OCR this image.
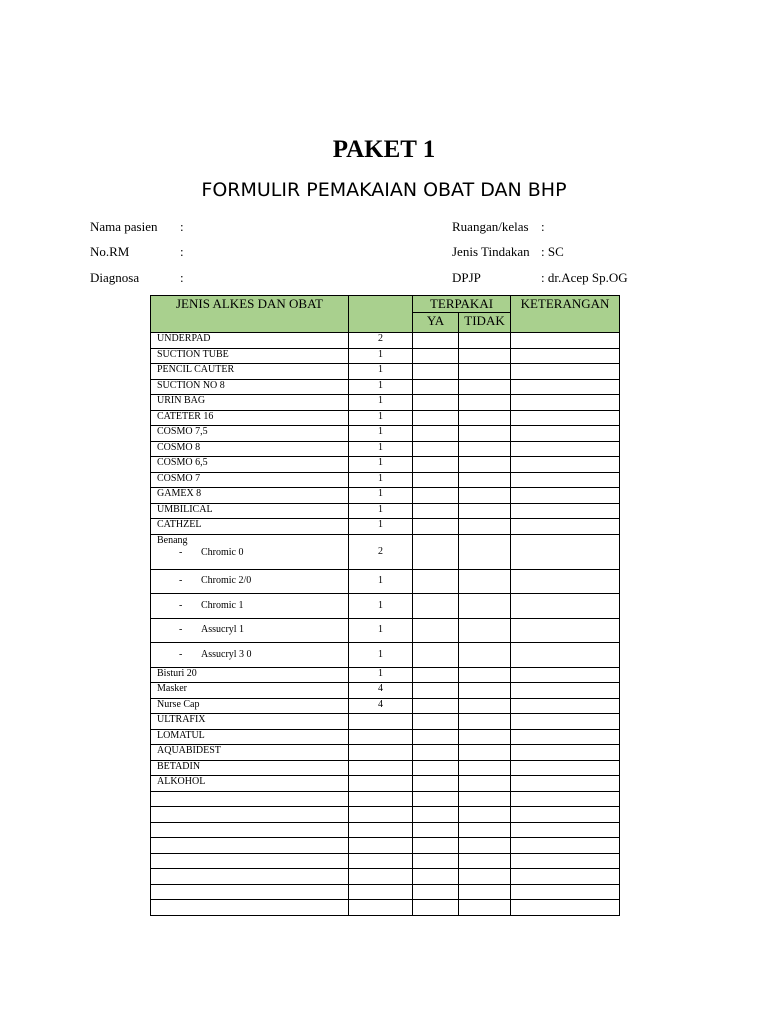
PAKET 1
FORMULIR PEMAKAIAN OBAT DAN BHP
Nama pasien :
No.RM	:
Diagnosa	:
Ruangan/kelas :
Jenis Tindakan : SC
DPJP	: dr.Acep Sp.OG
JENIS ALKES DAN OBAT		TERPAKAI		KETERANGAN
		YA	TIDAK	
UNDERPAD	2			
SUCTION TUBE	1			
PENCIL CAUTER	1			
SUCTION NO 8	1			
URIN BAG	1			
CATETER 16	1			
COSMO 7,5	1			
COSMO 8	1			
COSMO 6,5	1			
COSMO 7	1			
GAMEX 8	1			
UMBILICAL	1			
CATHZEL	1			
Benang
- Chromic 0	2			
- Chromic 2/0	1			
- Chromic 1	1			
- Assucryl 1	1			
- Assucryl 3 0	1			
Bisturi 20	1			
Masker	4			
Nurse Cap	4			
ULTRAFIX				
LOMATUL				
AQUABIDEST				
BETADIN				
ALKOHOL				
